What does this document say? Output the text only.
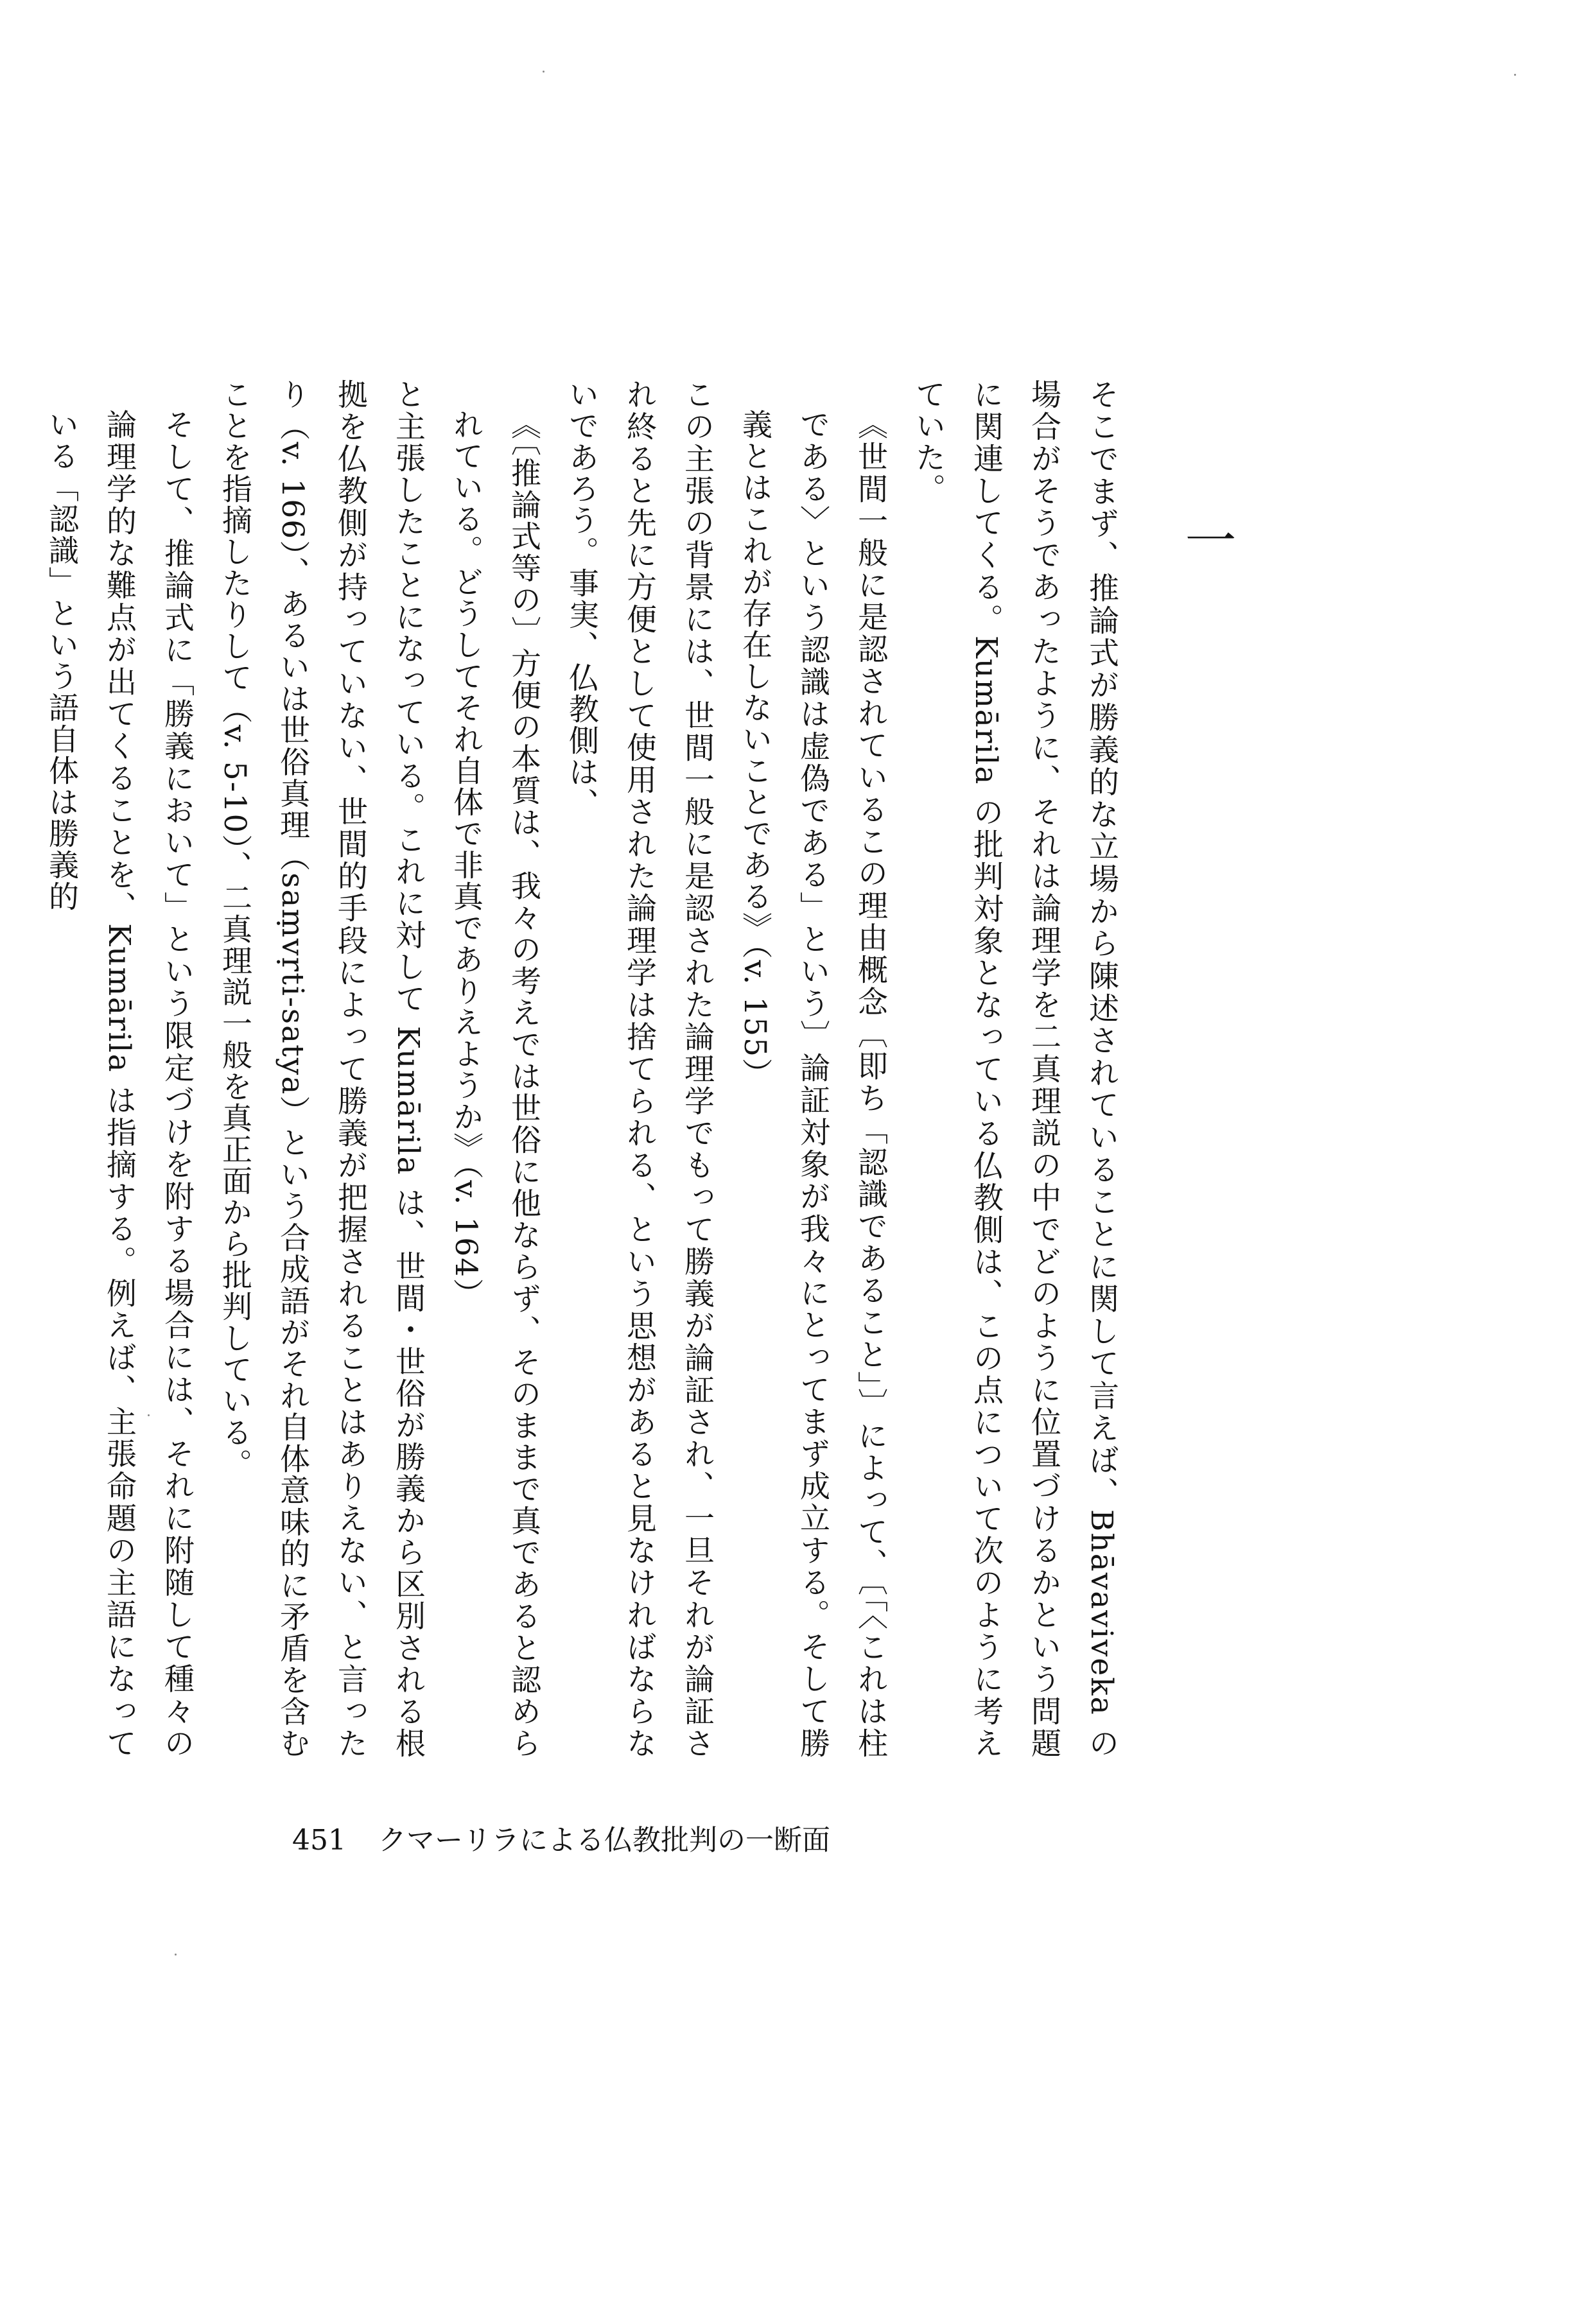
一

そこでまず、推論式が勝義的な立場から陳述されていることに関して言えば、Bhāvaviveka の場合がそうであったように、それは論理学を二真理説の中でどのように位置づけるかという問題に関連してくる。Kumārila の批判対象となっている仏教側は、この点について次のように考えていた。

《世間一般に是認されているこの理由概念〔即ち「認識であること」〕によって、〔「〈これは柱である〉という認識は虚偽である」という〕論証対象が我々にとってまず成立する。そして勝義とはこれが存在しないことである》（v. 155）

この主張の背景には、世間一般に是認された論理学でもって勝義が論証され、一旦それが論証され終ると先に方便として使用された論理学は捨てられる、という思想があると見なければならないであろう。事実、仏教側は、

《〔推論式等の〕方便の本質は、我々の考えでは世俗に他ならず、そのままで真であると認められている。どうしてそれ自体で非真でありえようか》（v. 164）

と主張したことになっている。これに対して Kumārila は、世間・世俗が勝義から区別される根拠を仏教側が持っていない、世間的手段によって勝義が把握されることはありえない、と言ったり（v. 166）、あるいは世俗真理（saṃvṛti-satya）という合成語がそれ自体意味的に矛盾を含むことを指摘したりして（v. 5-10）、二真理説一般を真正面から批判している。

そして、推論式に「勝義において」という限定づけを附する場合には、それに附随して種々の論理学的な難点が出てくることを、Kumārila は指摘する。例えば、主張命題の主語になっている「認識」という語自体は勝義的

451 クマーリラによる仏教批判の一断面
